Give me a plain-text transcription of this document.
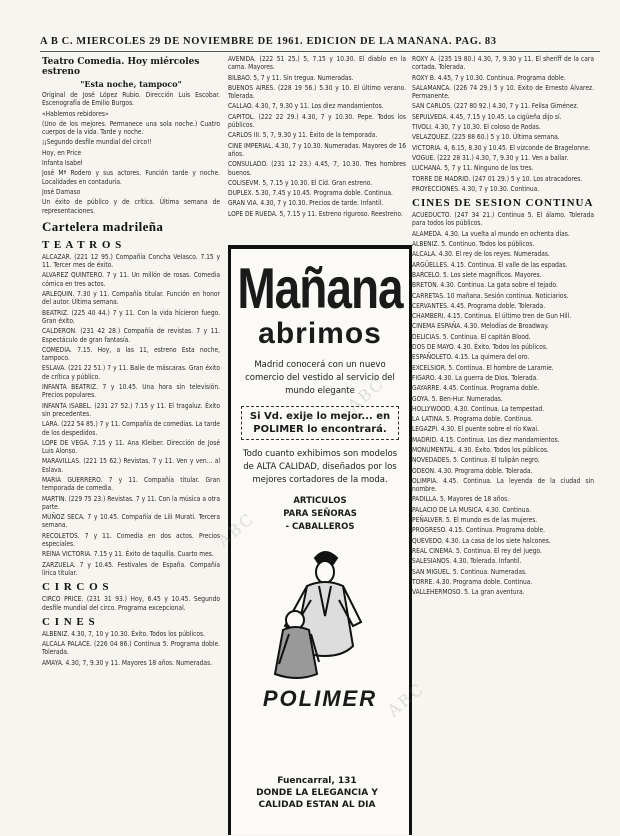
A B C. MIERCOLES 29 DE NOVIEMBRE DE 1961. EDICION DE LA MAÑANA. PAG. 83
Teatro Comedia. Hoy miércoles estreno
"Esta noche, tampoco"
Original de José López Rubio. Dirección Luis Escobar. Escenografía de Emilio Burgos.
«Hablemos rebidores»
(Uno de los mejores. Permanece una sola noche.) Cuatro cuerpos de la vida. Tarde y noche.
¡¡Segundo desfile mundial del circo!!
Hoy, en Price
Infanta Isabel
José Mª Rodero y sus actores. Función tarde y noche. Localidades en contaduría.
José Damaso
Un éxito de público y de crítica. Última semana de representaciones.
Cartelera madrileña
T E A T R O S
ALCAZAR. (221 12 95.) Compañía Concha Velasco. 7.15 y 11. Tercer mes de éxito.
ALVAREZ QUINTERO. 7 y 11. Un millón de rosas. Comedia cómica en tres actos.
ARLEQUIN. 7.30 y 11. Compañía titular. Función en honor del autor. Última semana.
BEATRIZ. (225 40 44.) 7 y 11. Con la vida hicieron fuego. Gran éxito.
CALDERON. (231 42 28.) Compañía de revistas. 7 y 11. Espectáculo de gran fantasía.
COMEDIA. 7.15. Hoy, a las 11, estreno Esta noche, tampoco.
ESLAVA. (221 22 51.) 7 y 11. Baile de máscaras. Gran éxito de crítica y público.
INFANTA BEATRIZ. 7 y 10.45. Una hora sin televisión. Precios populares.
INFANTA ISABEL. (231 27 52.) 7.15 y 11. El tragaluz. Éxito sin precedentes.
LARA. (222 54 85.) 7 y 11. Compañía de comedias. La tarde de los despedidos.
LOPE DE VEGA. 7.15 y 11. Ana Kleiber. Dirección de José Luis Alonso.
MARAVILLAS. (221 15 62.) Revistas. 7 y 11. Ven y ven... al Eslava.
MARIA GUERRERO. 7 y 11. Compañía titular. Gran temporada de comedia.
MARTIN. (229 75 23.) Revistas. 7 y 11. Con la música a otra parte.
MUÑOZ SECA. 7 y 10.45. Compañía de Lili Murati. Tercera semana.
RECOLETOS. 7 y 11. Comedia en dos actos. Precios especiales.
REINA VICTORIA. 7.15 y 11. Éxito de taquilla. Cuarto mes.
ZARZUELA. 7 y 10.45. Festivales de España. Compañía lírica titular.
C I R C O S
CIRCO PRICE. (231 31 93.) Hoy, 6.45 y 10.45. Segundo desfile mundial del circo. Programa excepcional.
C I N E S
ALBENIZ. 4.30, 7, 10 y 10.30. Éxito. Todos los públicos.
ALCALA PALACE. (226 04 86.) Continua 5. Programa doble. Tolerada.
AMAYA. 4.30, 7, 9.30 y 11. Mayores 18 años. Numeradas.
AVENIDA. (222 51 25.) 5, 7.15 y 10.30. El diablo en la cama. Mayores.
BILBAO. 5, 7 y 11. Sin tregua. Numeradas.
BUENOS AIRES. (228 19 56.) 5.30 y 10. El último verano. Tolerada.
CALLAO. 4.30, 7, 9.30 y 11. Los diez mandamientos.
CAPITOL. (222 22 29.) 4.30, 7 y 10.30. Pepe. Todos los públicos.
CARLOS III. 5, 7, 9.30 y 11. Éxito de la temporada.
CINE IMPERIAL. 4.30, 7 y 10.30. Numeradas. Mayores de 16 años.
CONSULADO. (231 12 23.) 4.45, 7, 10.30. Tres hombres buenos.
COLISEVM. 5, 7.15 y 10.30. El Cid. Gran estreno.
DUPLEX. 5.30, 7.45 y 10.45. Programa doble. Continua.
GRAN VIA. 4.30, 7 y 10.30. Precios de tarde. Infantil.
LOPE DE RUEDA. 5, 7.15 y 11. Estreno riguroso. Reestreno.
Mañana
abrimos
Madrid conocerá con un nuevo comercio del vestido al servicio del mundo elegante
Si Vd. exije lo mejor... en POLIMER lo encontrará.
Todo cuanto exhibimos son modelos de ALTA CALIDAD, diseñados por los mejores cortadores de la moda.
ARTICULOS
PARA SEÑORAS
- CABALLEROS
POLIMER
Fuencarral, 131
DONDE LA ELEGANCIA Y
CALIDAD ESTAN AL DIA
ROXY A. (235 19 80.) 4.30, 7, 9.30 y 11. El sheriff de la cara cortada. Tolerada.
ROXY B. 4.45, 7 y 10.30. Continua. Programa doble.
SALAMANCA. (226 74 29.) 5 y 10. Éxito de Ernesto Álvarez. Permanente.
SAN CARLOS. (227 80 92.) 4.30, 7 y 11. Felisa Giménez.
SEPULVEDA. 4.45, 7.15 y 10.45. La cigüeña dijo sí.
TIVOLI. 4.30, 7 y 10.30. El coloso de Rodas.
VELAZQUEZ. (225 88 60.) 5 y 10. Última semana.
VICTORIA. 4, 6.15, 8.30 y 10.45. El vizconde de Bragelonne.
VOGUE. (222 28 31.) 4.30, 7, 9.30 y 11. Ven a bailar.
LUCHANA. 5, 7 y 11. Ninguno de los tres.
TORRE DE MADRID. (247 01 29.) 5 y 10. Los atracadores.
PROYECCIONES. 4.30, 7 y 10.30. Continua.
CINES DE SESION CONTINUA
ACUEDUCTO. (247 34 21.) Continua 5. El álamo. Tolerada para todos los públicos.
ALAMEDA. 4.30. La vuelta al mundo en ochenta días.
ALBENIZ. 5. Continuo. Todos los públicos.
ALCALA. 4.30. El rey de los reyes. Numeradas.
ARGÜELLES. 4.15. Continua. El valle de las espadas.
BARCELO. 5. Los siete magníficos. Mayores.
BRETON. 4.30. Continua. La gata sobre el tejado.
CARRETAS. 10 mañana. Sesión continua. Noticiarios.
CERVANTES. 4.45. Programa doble. Tolerada.
CHAMBERI. 4.15. Continua. El último tren de Gun Hill.
CINEMA ESPAÑA. 4.30. Melodías de Broadway.
DELICIAS. 5. Continua. El capitán Blood.
DOS DE MAYO. 4.30. Éxito. Todos los públicos.
ESPAÑOLETO. 4.15. La quimera del oro.
EXCELSIOR. 5. Continua. El hombre de Laramie.
FIGARO. 4.30. La guerra de Dios. Tolerada.
GAYARRE. 4.45. Continua. Programa doble.
GOYA. 5. Ben-Hur. Numeradas.
HOLLYWOOD. 4.30. Continua. La tempestad.
LA LATINA. 5. Programa doble. Continua.
LEGAZPI. 4.30. El puente sobre el río Kwai.
MADRID. 4.15. Continua. Los diez mandamientos.
MONUMENTAL. 4.30. Éxito. Todos los públicos.
NOVEDADES. 5. Continua. El tulipán negro.
ODEON. 4.30. Programa doble. Tolerada.
OLIMPIA. 4.45. Continua. La leyenda de la ciudad sin nombre.
PADILLA. 5. Mayores de 18 años.
PALACIO DE LA MUSICA. 4.30. Continua.
PEÑALVER. 5. El mundo es de las mujeres.
PROGRESO. 4.15. Continua. Programa doble.
QUEVEDO. 4.30. La casa de los siete halcones.
REAL CINEMA. 5. Continua. El rey del juego.
SALESIANOS. 4.30. Tolerada. Infantil.
SAN MIGUEL. 5. Continua. Numeradas.
TORRE. 4.30. Programa doble. Continua.
VALLEHERMOSO. 5. La gran aventura.
ABC
ABC
ABC
